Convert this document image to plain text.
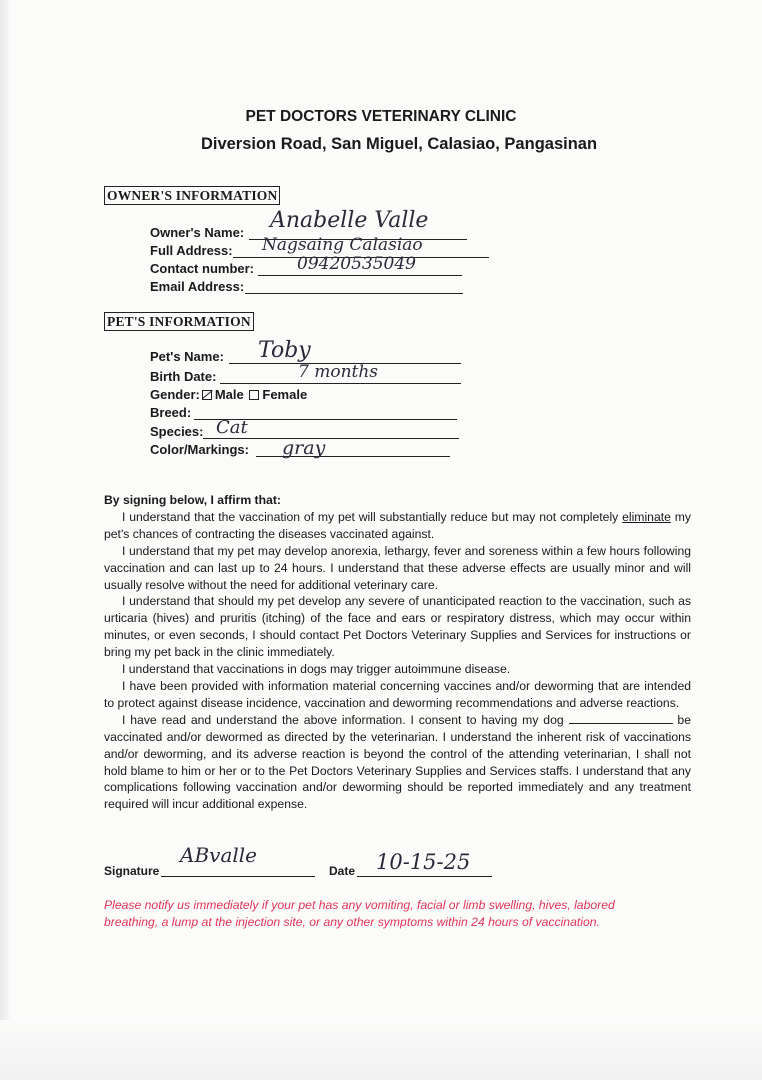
PET DOCTORS VETERINARY CLINIC
Diversion Road, San Miguel, Calasiao, Pangasinan
OWNER'S INFORMATION
Owner's Name: Anabelle Valle
Full Address: Nagsaing Calasiao
Contact number:	09420535049
Email Address:
PET'S INFORMATION
Pet's Name: Toby
Birth Date:	7 months
Gender: Male Female
Breed:
Species: Cat
Color/Markings: gray

By signing below, I affirm that:

I understand that the vaccination of my pet will substantially reduce but may not completely eliminate my pet's chances of contracting the diseases vaccinated against.

I understand that my pet may develop anorexia, lethargy, fever and soreness within a few hours following vaccination and can last up to 24 hours. I understand that these adverse effects are usually minor and will usually resolve without the need for additional veterinary care.

I understand that should my pet develop any severe of unanticipated reaction to the vaccination, such as urticaria (hives) and pruritis (itching) of the face and ears or respiratory distress, which may occur within minutes, or even seconds, I should contact Pet Doctors Veterinary Supplies and Services for instructions or bring my pet back in the clinic immediately.

I understand that vaccinations in dogs may trigger autoimmune disease.

I have been provided with information material concerning vaccines and/or deworming that are intended to protect against disease incidence, vaccination and deworming recommendations and adverse reactions.

I have read and understand the above information. I consent to having my dog	be vaccinated and/or dewormed as directed by the veterinarian. I understand the inherent risk of vaccinations and/or deworming, and its adverse reaction is beyond the control of the attending veterinarian, I shall not hold blame to him or her or to the Pet Doctors Veterinary Supplies and Services staffs. I understand that any complications following vaccination and/or deworming should be reported immediately and any treatment required will incur additional expense.

Signature
ABvalle
Date 10-15-25
Please notify us immediately if your pet has any vomiting, facial or limb swelling, hives, labored breathing, a lump at the injection site, or any other symptoms within 24 hours of vaccination.
